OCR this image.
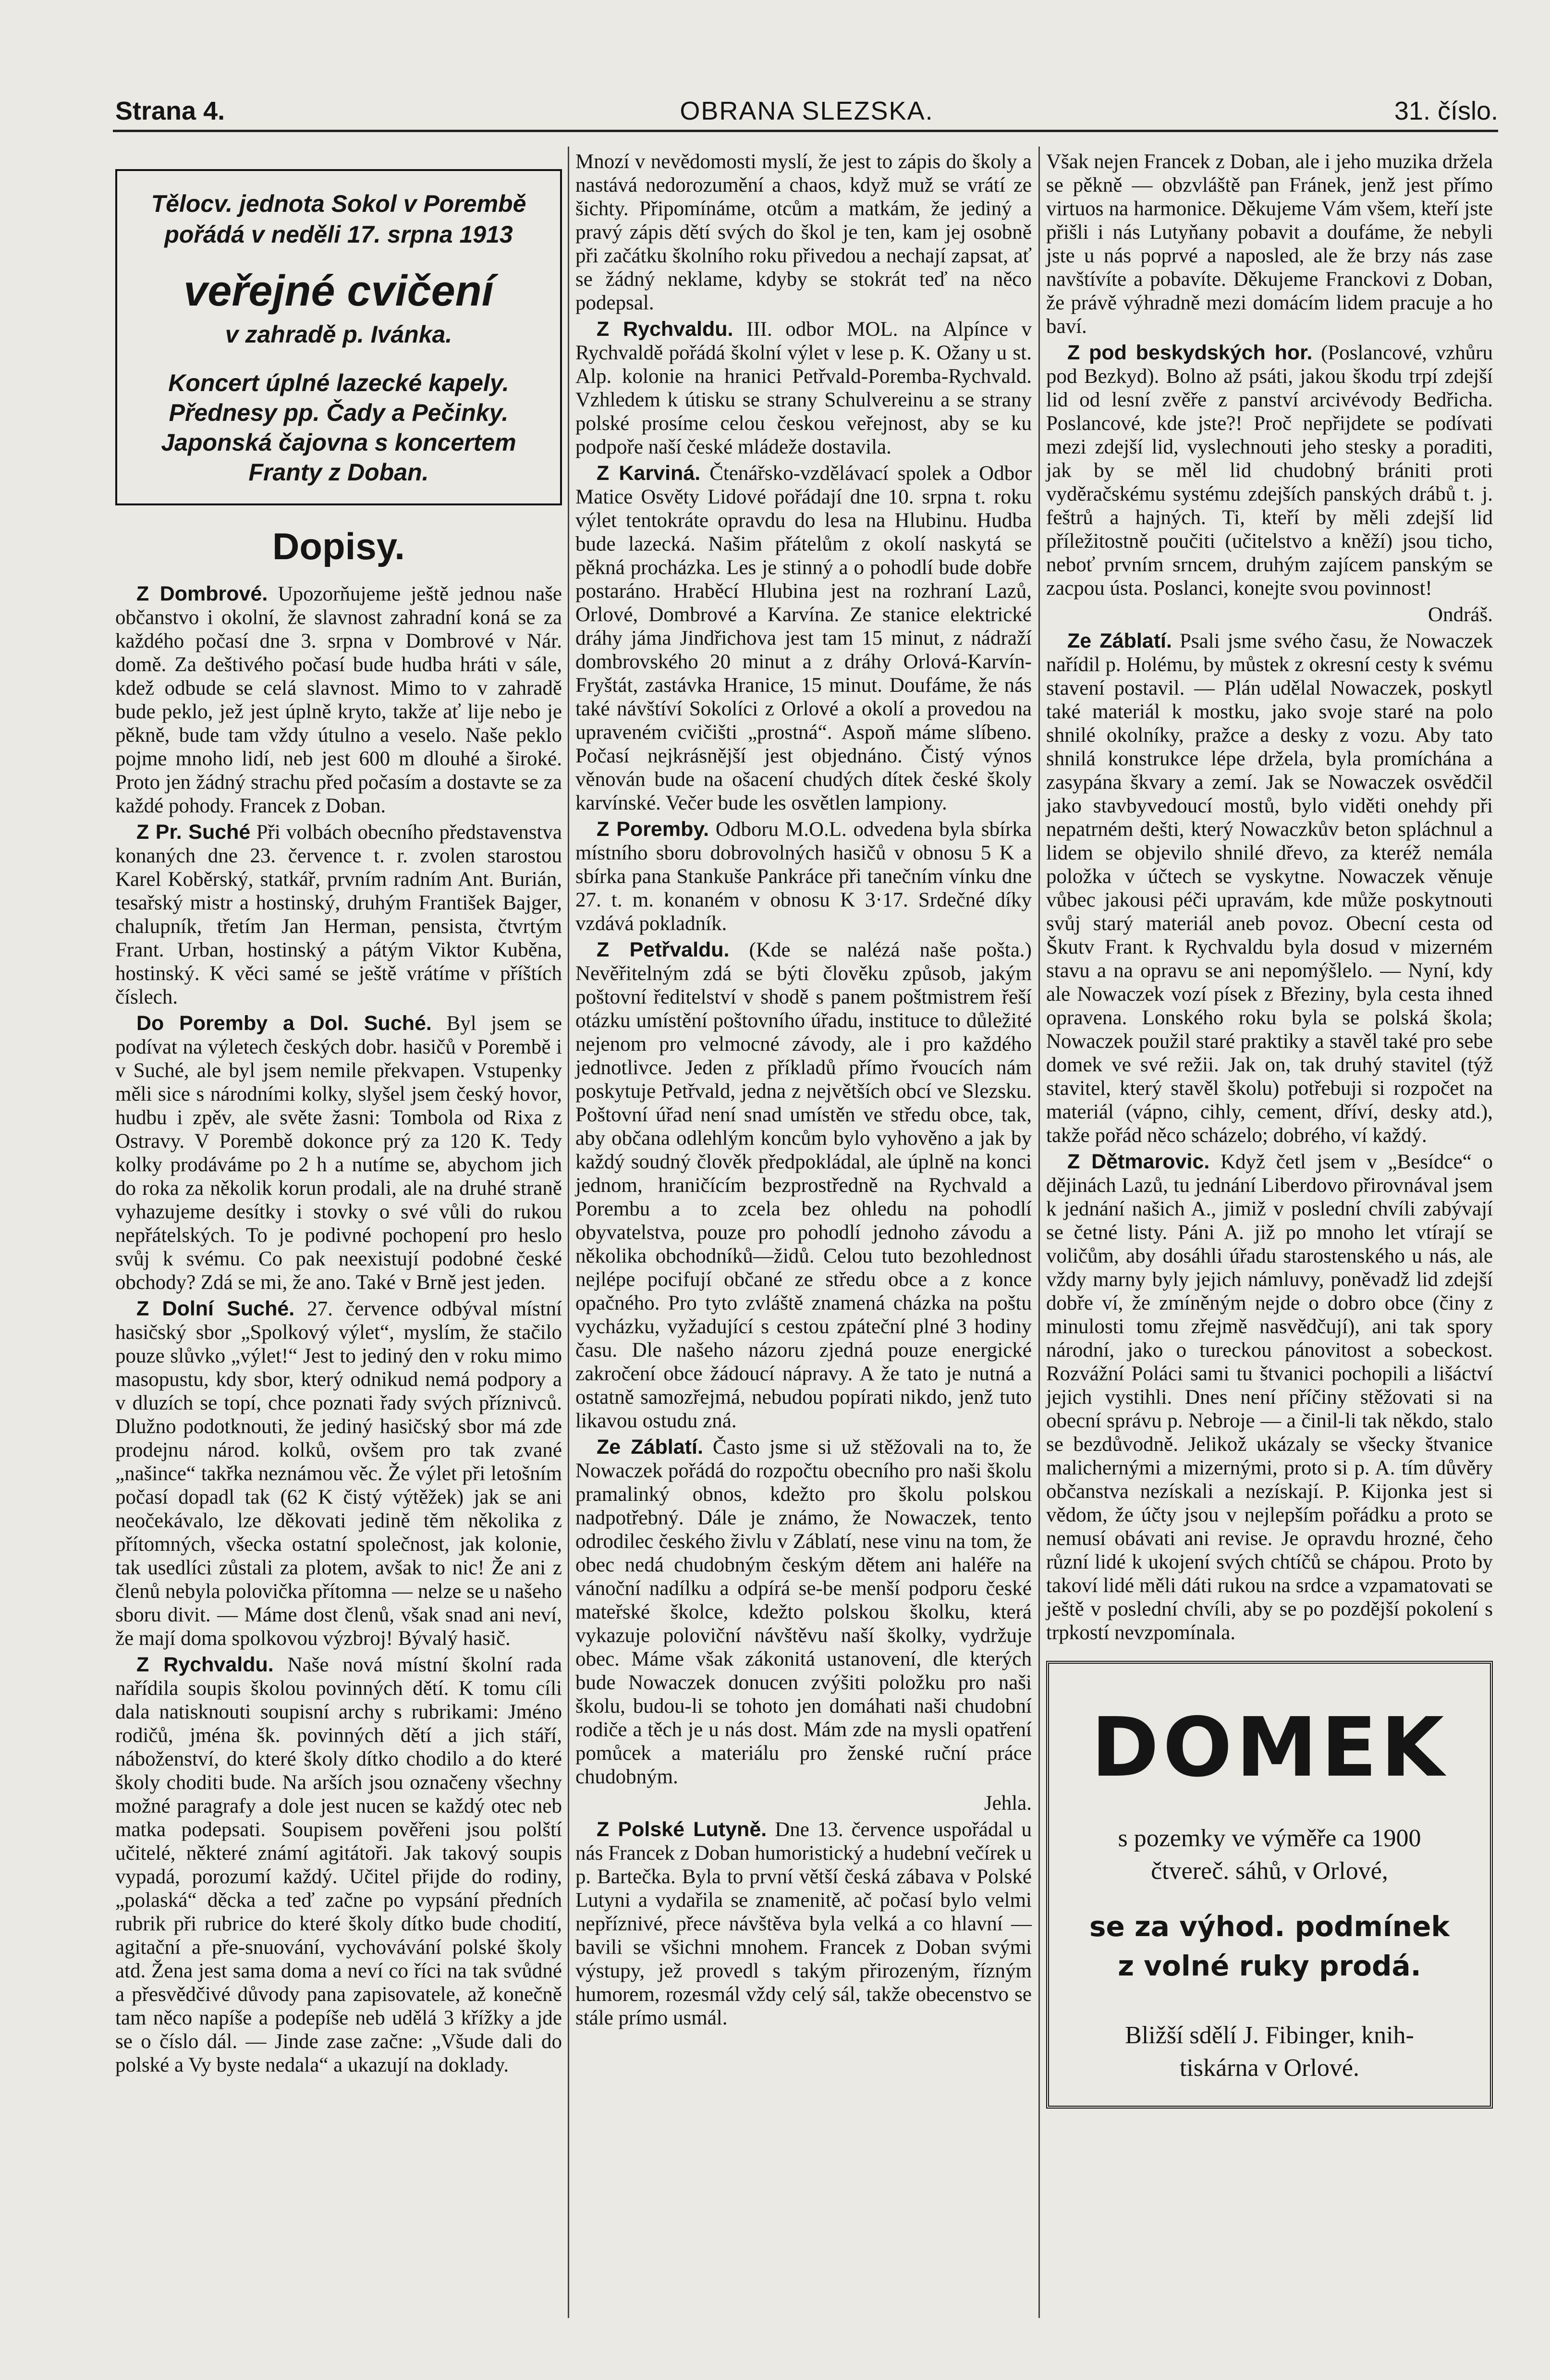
Strana 4.	OBRANA SLEZSKA.	31. číslo.
Tělocv. jednota Sokol v Porembě
pořádá v neděli 17. srpna 1913
veřejné cvičení
v zahradě p. Ivánka.
Koncert úplné lazecké kapely.
Přednesy pp. Čady a Pečinky.
Japonská čajovna s koncertem
Franty z Doban.
Dopisy.

Z Dombrové. Upozorňujeme ještě jednou naše občanstvo i okolní, že slavnost zahradní koná se za každého počasí dne 3. srpna v Dombrové v Nár. domě. Za deštivého počasí bude hudba hráti v sále, kdež odbude se celá slavnost. Mimo to v zahradě bude peklo, jež jest úplně kryto, takže ať lije nebo je pěkně, bude tam vždy útulno a veselo. Naše peklo pojme mnoho lidí, neb jest 600 m dlouhé a široké. Proto jen žádný strachu před počasím a dostavte se za každé pohody. Francek z Doban.

Z Pr. Suché Při volbách obecního představenstva konaných dne 23. července t. r. zvolen starostou Karel Koběrský, statkář, prvním radním Ant. Burián, tesařský mistr a hostinský, druhým František Bajger, chalupník, třetím Jan Herman, pensista, čtvrtým Frant. Urban, hostinský a pátým Viktor Kuběna, hostinský. K věci samé se ještě vrátíme v příštích číslech.

Do Poremby a Dol. Suché. Byl jsem se podívat na výletech českých dobr. hasičů v Porembě i v Suché, ale byl jsem nemile překvapen. Vstupenky měli sice s národními kolky, slyšel jsem český hovor, hudbu i zpěv, ale světe žasni: Tombola od Rixa z Ostravy. V Porembě dokonce prý za 120 K. Tedy kolky prodáváme po 2 h a nutíme se, abychom jich do roka za několik korun prodali, ale na druhé straně vyhazujeme desítky i stovky o své vůli do rukou nepřátelských. To je podivné pochopení pro heslo svůj k svému. Co pak neexistují podobné české obchody? Zdá se mi, že ano. Také v Brně jest jeden.

Z Dolní Suché. 27. července odbýval místní hasičský sbor „Spolkový výlet“, myslím, že stačilo pouze slůvko „výlet!“ Jest to jediný den v roku mimo masopustu, kdy sbor, který odnikud nemá podpory a v dluzích se topí, chce poznati řady svých příznivců. Dlužno podotknouti, že jediný hasičský sbor má zde prodejnu národ. kolků, ovšem pro tak zvané „našince“ takřka neznámou věc. Že výlet při letošním počasí dopadl tak (62 K čistý výtěžek) jak se ani neočekávalo, lze děkovati jedině těm několika z přítomných, všecka ostatní společnost, jak kolonie, tak usedlíci zůstali za plotem, avšak to nic! Že ani z členů nebyla polovička přítomna — nelze se u našeho sboru divit. — Máme dost členů, však snad ani neví, že mají doma spolkovou výzbroj! Bývalý hasič.

Z Rychvaldu. Naše nová místní školní rada nařídila soupis školou povinných dětí. K tomu cíli dala natisknouti soupisní archy s rubrikami: Jméno rodičů, jména šk. povinných dětí a jich stáří, náboženství, do které školy dítko chodilo a do které školy choditi bude. Na arších jsou označeny všechny možné paragrafy a dole jest nucen se každý otec neb matka podepsati. Soupisem pověřeni jsou polští učitelé, některé známí agitátoři. Jak takový soupis vypadá, porozumí každý. Učitel přijde do rodiny, „polaská“ děcka a teď začne po vypsání předních rubrik při rubrice do které školy dítko bude chodití, agitační a pře-snuování, vychovávání polské školy atd. Žena jest sama doma a neví co říci na tak svůdné a přesvědčivé důvody pana zapisovatele, až konečně tam něco napíše a podepíše neb udělá 3 křížky a jde se o číslo dál. — Jinde zase začne: „Všude dali do polské a Vy byste nedala“ a ukazují na doklady.

Mnozí v nevědomosti myslí, že jest to zápis do školy a nastává nedorozumění a chaos, když muž se vrátí ze šichty. Připomínáme, otcům a matkám, že jediný a pravý zápis dětí svých do škol je ten, kam jej osobně při začátku školního roku přivedou a nechají zapsat, ať se žádný neklame, kdyby se stokrát teď na něco podepsal.

Z Rychvaldu. III. odbor MOL. na Alpínce v Rychvaldě pořádá školní výlet v lese p. K. Ožany u st. Alp. kolonie na hranici Petřvald-Poremba-Rychvald. Vzhledem k útisku se strany Schulvereinu a se strany polské prosíme celou českou veřejnost, aby se ku podpoře naší české mládeže dostavila.

Z Karviná. Čtenářsko-vzdělávací spolek a Odbor Matice Osvěty Lidové pořádají dne 10. srpna t. roku výlet tentokráte opravdu do lesa na Hlubinu. Hudba bude lazecká. Našim přátelům z okolí naskytá se pěkná procházka. Les je stinný a o pohodlí bude dobře postaráno. Hraběcí Hlubina jest na rozhraní Lazů, Orlové, Dombrové a Karvína. Ze stanice elektrické dráhy jáma Jindřichova jest tam 15 minut, z nádraží dombrovského 20 minut a z dráhy Orlová-Karvín-Fryštát, zastávka Hranice, 15 minut. Doufáme, že nás také návštíví Sokolíci z Orlové a okolí a provedou na upraveném cvičišti „prostná“. Aspoň máme slíbeno. Počasí nejkrásnější jest objednáno. Čistý výnos věnován bude na ošacení chudých dítek české školy karvínské. Večer bude les osvětlen lampiony.

Z Poremby. Odboru M.O.L. odvedena byla sbírka místního sboru dobrovolných hasičů v obnosu 5 K a sbírka pana Stankuše Pankráce při tanečním vínku dne 27. t. m. konaném v obnosu K 3·17. Srdečné díky vzdává pokladník.

Z Petřvaldu. (Kde se nalézá naše pošta.) Nevěřitelným zdá se býti člověku způsob, jakým poštovní ředitelství v shodě s panem poštmistrem řeší otázku umístění poštovního úřadu, instituce to důležité nejenom pro velmocné závody, ale i pro každého jednotlivce. Jeden z příkladů přímo řvoucích nám poskytuje Petřvald, jedna z největších obcí ve Slezsku. Poštovní úřad není snad umístěn ve středu obce, tak, aby občana odlehlým koncům bylo vyhověno a jak by každý soudný člověk předpokládal, ale úplně na konci jednom, hraničícím bezprostředně na Rychvald a Porembu a to zcela bez ohledu na pohodlí obyvatelstva, pouze pro pohodlí jednoho závodu a několika obchodníků—židů. Celou tuto bezohlednost nejlépe pocifují občané ze středu obce a z konce opačného. Pro tyto zvláště znamená cházka na poštu vycházku, vyžadující s cestou zpáteční plné 3 hodiny času. Dle našeho názoru zjedná pouze energické zakročení obce žádoucí nápravy. A že tato je nutná a ostatně samozřejmá, nebudou popírati nikdo, jenž tuto likavou ostudu zná.

Ze Záblatí. Často jsme si už stěžovali na to, že Nowaczek pořádá do rozpočtu obecního pro naši školu pramalinký obnos, kdežto pro školu polskou nadpotřebný. Dále je známo, že Nowaczek, tento odrodilec českého živlu v Záblatí, nese vinu na tom, že obec nedá chudobným českým dětem ani haléře na vánoční nadílku a odpírá se-be menší podporu české mateřské školce, kdežto polskou školku, která vykazuje poloviční návštěvu naší školky, vydržuje obec. Máme však zákonitá ustanovení, dle kterých bude Nowaczek donucen zvýšiti položku pro naši školu, budou-li se tohoto jen domáhati naši chudobní rodiče a těch je u nás dost. Mám zde na mysli opatření pomůcek a materiálu pro ženské ruční práce chudobným.

Jehla.

Z Polské Lutyně. Dne 13. července uspořádal u nás Francek z Doban humoristický a hudební večírek u p. Bartečka. Byla to první větší česká zábava v Polské Lutyni a vydařila se znamenitě, ač počasí bylo velmi nepříznivé, přece návštěva byla velká a co hlavní — bavili se všichni mnohem. Francek z Doban svými výstupy, jež provedl s takým přirozeným, řízným humorem, rozesmál vždy celý sál, takže obecenstvo se stále prímo usmál.

Však nejen Francek z Doban, ale i jeho muzika držela se pěkně — obzvláště pan Fránek, jenž jest přímo virtuos na harmonice. Děkujeme Vám všem, kteří jste přišli i nás Lutyňany pobavit a doufáme, že nebyli jste u nás poprvé a naposled, ale že brzy nás zase navštívíte a pobavíte. Děkujeme Franckovi z Doban, že právě výhradně mezi domácím lidem pracuje a ho baví.

Z pod beskydských hor. (Poslancové, vzhůru pod Bezkyd). Bolno až psáti, jakou škodu trpí zdejší lid od lesní zvěře z panství arcivévody Bedřicha. Poslancové, kde jste?! Proč nepřijdete se podívati mezi zdejší lid, vyslechnouti jeho stesky a poraditi, jak by se měl lid chudobný brániti proti vyděračskému systému zdejších panských drábů t. j. feštrů a hajných. Ti, kteří by měli zdejší lid příležitostně poučiti (učitelstvo a kněží) jsou ticho, neboť prvním srncem, druhým zajícem panským se zacpou ústa. Poslanci, konejte svou povinnost!

Ondráš.

Ze Záblatí. Psali jsme svého času, že Nowaczek nařídil p. Holému, by můstek z okresní cesty k svému stavení postavil. — Plán udělal Nowaczek, poskytl také materiál k mostku, jako svoje staré na polo shnilé okolníky, pražce a desky z vozu. Aby tato shnilá konstrukce lépe držela, byla promíchána a zasypána škvary a zemí. Jak se Nowaczek osvědčil jako stavbyvedoucí mostů, bylo viděti onehdy při nepatrném dešti, který Nowaczkův beton spláchnul a lidem se objevilo shnilé dřevo, za kteréž nemála položka v účtech se vyskytne. Nowaczek věnuje vůbec jakousi péči upravám, kde může poskytnouti svůj starý materiál aneb povoz. Obecní cesta od Škutv Frant. k Rychvaldu byla dosud v mizerném stavu a na opravu se ani nepomýšlelo. — Nyní, kdy ale Nowaczek vozí písek z Březiny, byla cesta ihned opravena. Lonského roku byla se polská škola; Nowaczek použil staré praktiky a stavěl také pro sebe domek ve své režii. Jak on, tak druhý stavitel (týž stavitel, který stavěl školu) potřebuji si rozpočet na materiál (vápno, cihly, cement, dříví, desky atd.), takže pořád něco scházelo; dobrého, ví každý.

Z Dětmarovic. Když četl jsem v „Besídce“ o dějinách Lazů, tu jednání Liberdovo přirovnával jsem k jednání našich A., jimiž v poslední chvíli zabývají se četné listy. Páni A. již po mnoho let vtírají se voličům, aby dosáhli úřadu starostenského u nás, ale vždy marny byly jejich námluvy, poněvadž lid zdejší dobře ví, že zmíněným nejde o dobro obce (činy z minulosti tomu zřejmě nasvědčují), ani tak spory národní, jako o tureckou pánovitost a sobeckost. Rozvážní Poláci sami tu štvanici pochopili a lišáctví jejich vystihli. Dnes není příčiny stěžovati si na obecní správu p. Nebroje — a činil-li tak někdo, stalo se bezdůvodně. Jelikož ukázaly se všecky štvanice malichernými a mizernými, proto si p. A. tím důvěry občanstva nezískali a nezískají. P. Kijonka jest si vědom, že účty jsou v nejlepším pořádku a proto se nemusí obávati ani revise. Je opravdu hrozné, čeho různí lidé k ukojení svých chtíčů se chápou. Proto by takoví lidé měli dáti rukou na srdce a vzpamatovati se ještě v poslední chvíli, aby se po pozdější pokolení s trpkostí nevzpomínala.

DOMEK
s pozemky ve výměře ca 1900
čtvereč. sáhů, v Orlové,
se za výhod. podmínek
z volné ruky prodá.
Bližší sdělí J. Fibinger, knih-
tiskárna v Orlové.
